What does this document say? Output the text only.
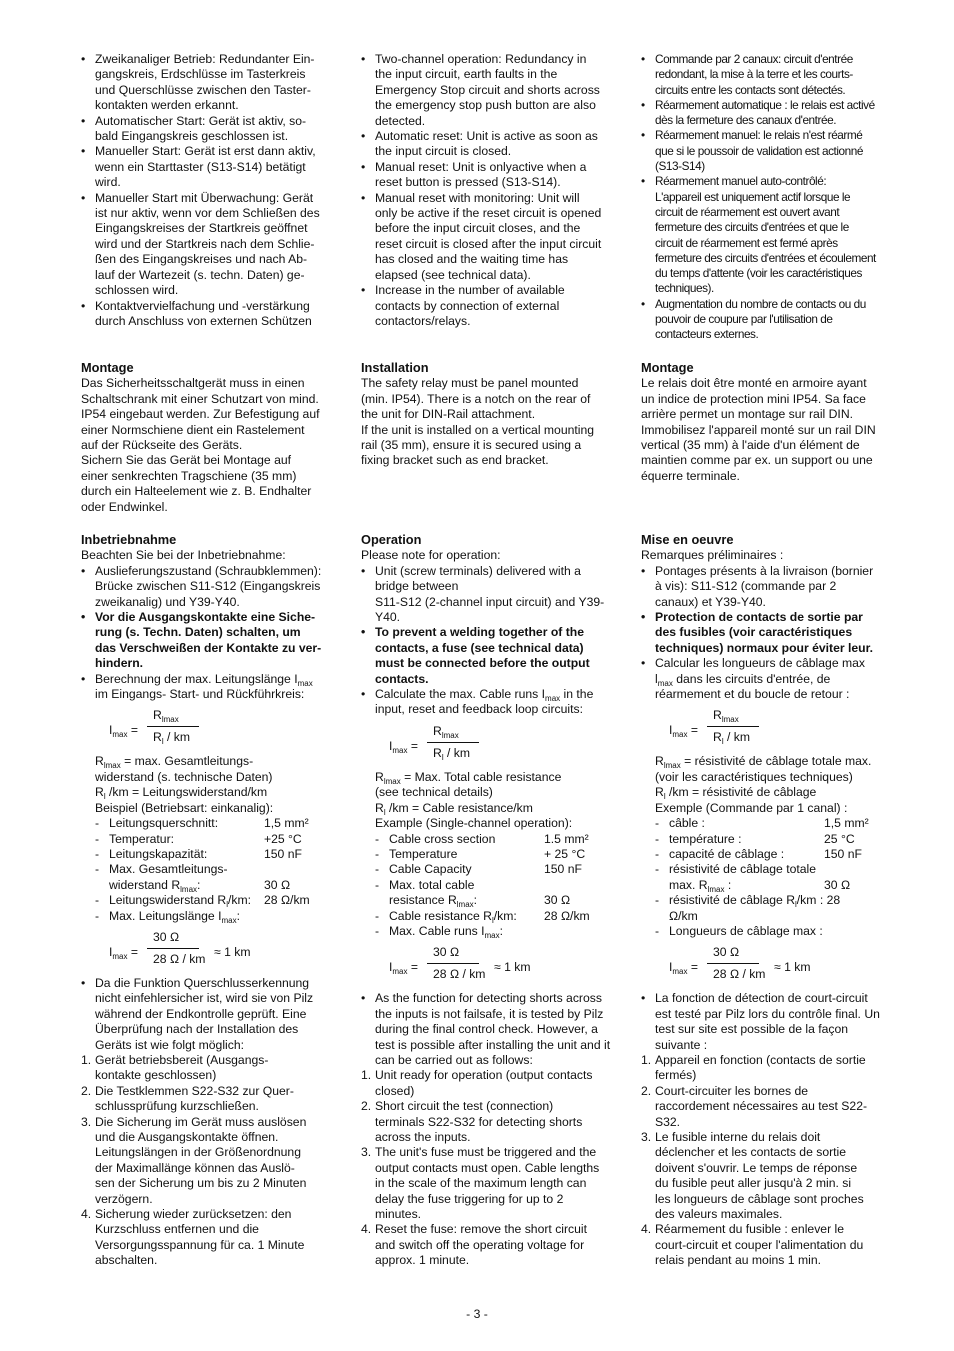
• Zweikanaliger Betrieb: Redundanter Ein-
gangskreis, Erdschlüsse im Tasterkreis
und Querschlüsse zwischen den Taster-
kontakten werden erkannt.
• Automatischer Start: Gerät ist aktiv, so-
bald Eingangskreis geschlossen ist.
• Manueller Start: Gerät ist erst dann aktiv,
wenn ein Starttaster (S13-S14) betätigt
wird.
• Manueller Start mit Überwachung: Gerät
ist nur aktiv, wenn vor dem Schließen des
Eingangskreises der Startkreis geöffnet
wird und der Startkreis nach dem Schlie-
ßen des Eingangskreises und nach Ab-
lauf der Wartezeit (s. techn. Daten) ge-
schlossen wird.
• Kontaktvervielfachung und -verstärkung
durch Anschluss von externen Schützen
Montage
Das Sicherheitsschaltgerät muss in einen
Schaltschrank mit einer Schutzart von mind.
IP54 eingebaut werden. Zur Befestigung auf
einer Normschiene dient ein Rastelement
auf der Rückseite des Geräts.
Sichern Sie das Gerät bei Montage auf
einer senkrechten Tragschiene (35 mm)
durch ein Halteelement wie z. B. Endhalter
oder Endwinkel.
Inbetriebnahme
Beachten Sie bei der Inbetriebnahme:
• Auslieferungszustand (Schraubklemmen):
Brücke zwischen S11-S12 (Eingangskreis
zweikanalig) und Y39-Y40.
• Vor die Ausgangskontakte eine Siche-
rung (s. Techn. Daten) schalten, um
das Verschweißen der Kontakte zu ver-
hindern.
• Berechnung der max. Leitungslänge $I_{max}$
im Eingangs- Start- und Rückführkreis:
$I_{max}$ =
$R_{lmax}$
$R_l$ / km
$R_{lmax} = \max$. Gesamtleitungs-
widerstand (s. technische Daten)
$R_l$ /km = Leitungswiderstand/km
Beispiel (Betriebsart: einkanalig):
-	Leitungsquerschnitt:	1,5 mm²
-	Temperatur:	+25 °C
-	Leitungskapazität:	150 nF
-	Max. Gesamtleitungs-	
	widerstand $R_{lmax}$:	30 Ω
-	Leitungswiderstand $R_l/km$:	28 Ω/km
-	Max. Leitungslänge $I_{max}$:	
$I_{max}$ =
30 Ω
28 Ω / km ≈ 1 km
• Da die Funktion Querschlusserkennung
nicht einfehlersicher ist, wird sie von Pilz
während der Endkontrolle geprüft. Eine
Überprüfung nach der Installation des
Geräts ist wie folgt möglich:
1. Gerät betriebsbereit (Ausgangs-
kontakte geschlossen)
2. Die Testklemmen S22-S32 zur Quer-
schlussprüfung kurzschließen.
3. Die Sicherung im Gerät muss auslösen
und die Ausgangskontakte öffnen.
Leitungslängen in der Größenordnung
der Maximallänge können das Auslö-
sen der Sicherung um bis zu 2 Minuten
verzögern.
4. Sicherung wieder zurücksetzen: den
Kurzschluss entfernen und die
Versorgungsspannung für ca. 1 Minute
abschalten.
• Two-channel operation: Redundancy in
the input circuit, earth faults in the
Emergency Stop circuit and shorts across
the emergency stop push button are also
detected.
• Automatic reset: Unit is active as soon as
the input circuit is closed.
• Manual reset: Unit is onlyactive when a
reset button is pressed (S13-S14).
• Manual reset with monitoring: Unit will
only be active if the reset circuit is opened
before the input circuit closes, and the
reset circuit is closed after the input circuit
has closed and the waiting time has
elapsed (see technical data).
• Increase in the number of available
contacts by connection of external
contactors/relays.
Installation
The safety relay must be panel mounted
(min. IP54). There is a notch on the rear of
the unit for DIN-Rail attachment.
If the unit is installed on a vertical mounting
rail (35 mm), ensure it is secured using a
fixing bracket such as end bracket.
Operation
Please note for operation:
• Unit (screw terminals) delivered with a
bridge between
S11-S12 (2-channel input circuit) and Y39-
Y40.
• To prevent a welding together of the
contacts, a fuse (see technical data)
must be connected before the output
contacts.
• Calculate the max. Cable runs $I_{max}$ in the
input, reset and feedback loop circuits:
$I_{max}$ =
$R_{lmax}$
$R_l$ / km
$R_{lmax}$ = Max. Total cable resistance
(see technical details)
$R_l$ /km = Cable resistance/km
Example (Single-channel operation):
-	Cable cross section	1.5 mm²
-	Temperature	+ 25 °C
-	Cable Capacity	150 nF
-	Max. total cable	
	resistance $R_{lmax}$:	30 Ω
-	Cable resistance $R_l/km$:	28 Ω/km
-	Max. Cable runs $I_{max}$:	
$I_{max}$ =
30 Ω
28 Ω / km ≈ 1 km
• As the function for detecting shorts across
the inputs is not failsafe, it is tested by Pilz
during the final control check. However, a
test is possible after installing the unit and it
can be carried out as follows:
1. Unit ready for operation (output contacts
closed)
2. Short circuit the test (connection)
terminals S22-S32 for detecting shorts
across the inputs.
3. The unit's fuse must be triggered and the
output contacts must open. Cable lengths
in the scale of the maximum length can
delay the fuse triggering for up to 2
minutes.
4. Reset the fuse: remove the short circuit
and switch off the operating voltage for
approx. 1 minute.
• Commande par 2 canaux: circuit d'entrée
redondant, la mise à la terre et les courts-
circuits entre les contacts sont détectés.
• Réarmement automatique : le relais est activé
dès la fermeture des canaux d'entrée.
• Réarmement manuel: le relais n'est réarmé
que si le poussoir de validation est actionné
(S13-S14)
• Réarmement manuel auto-contrôlé:
L'appareil est uniquement actif lorsque le
circuit de réarmement est ouvert avant
fermeture des circuits d'entrées et que le
circuit de réarmement est fermé après
fermeture des circuits d'entrées et écoulement
du temps d'attente (voir les caractéristiques
techniques).
• Augmentation du nombre de contacts ou du
pouvoir de coupure par l'utilisation de
contacteurs externes.
Montage
Le relais doit être monté en armoire ayant
un indice de protection mini IP54. Sa face
arrière permet un montage sur rail DIN.
Immobilisez l'appareil monté sur un rail DIN
vertical (35 mm) à l'aide d'un élément de
maintien comme par ex. un support ou une
équerre terminale.
Mise en oeuvre
Remarques préliminaires :
• Pontages présents à la livraison (bornier
à vis): S11-S12 (commande par 2
canaux) et Y39-Y40.
• Protection de contacts de sortie par
des fusibles (voir caractéristiques
techniques) normaux pour éviter leur.
• Calcular les longueurs de câblage max
$l_{max}$ dans les circuits d'entrée, de
réarmement et du boucle de retour :
$I_{max}$ =
$R_{lmax}$
$R_l$ / km
$R_{lmax}$ = résistivité de câblage totale max.
(voir les caractéristiques techniques)
$R_l$ /km = résistivité de câblage
Exemple (Commande par 1 canal) :
-	câble :	1,5 mm²
-	température :	25 °C
-	capacité de câblage :	150 nF
-	résistivité de câblage totale	
	max. $R_{lmax}$ :	30 Ω
-	résistivité de câblage $R_l/km$ : 28 Ω/km	
-	Longueurs de câblage max :	
$I_{max}$ =
30 Ω
28 Ω / km ≈ 1 km
• La fonction de détection de court-circuit
est testé par Pilz lors du contrôle final. Un
test sur site est possible de la façon
suivante :
1. Appareil en fonction (contacts de sortie
fermés)
2. Court-circuiter les bornes de
raccordement nécessaires au test S22-
S32.
3. Le fusible interne du relais doit
déclencher et les contacts de sortie
doivent s'ouvrir. Le temps de réponse
du fusible peut aller jusqu'à 2 min. si
les longueurs de câblage sont proches
des valeurs maximales.
4. Réarmement du fusible : enlever le
court-circuit et couper l'alimentation du
relais pendant au moins 1 min.
- 3 -
